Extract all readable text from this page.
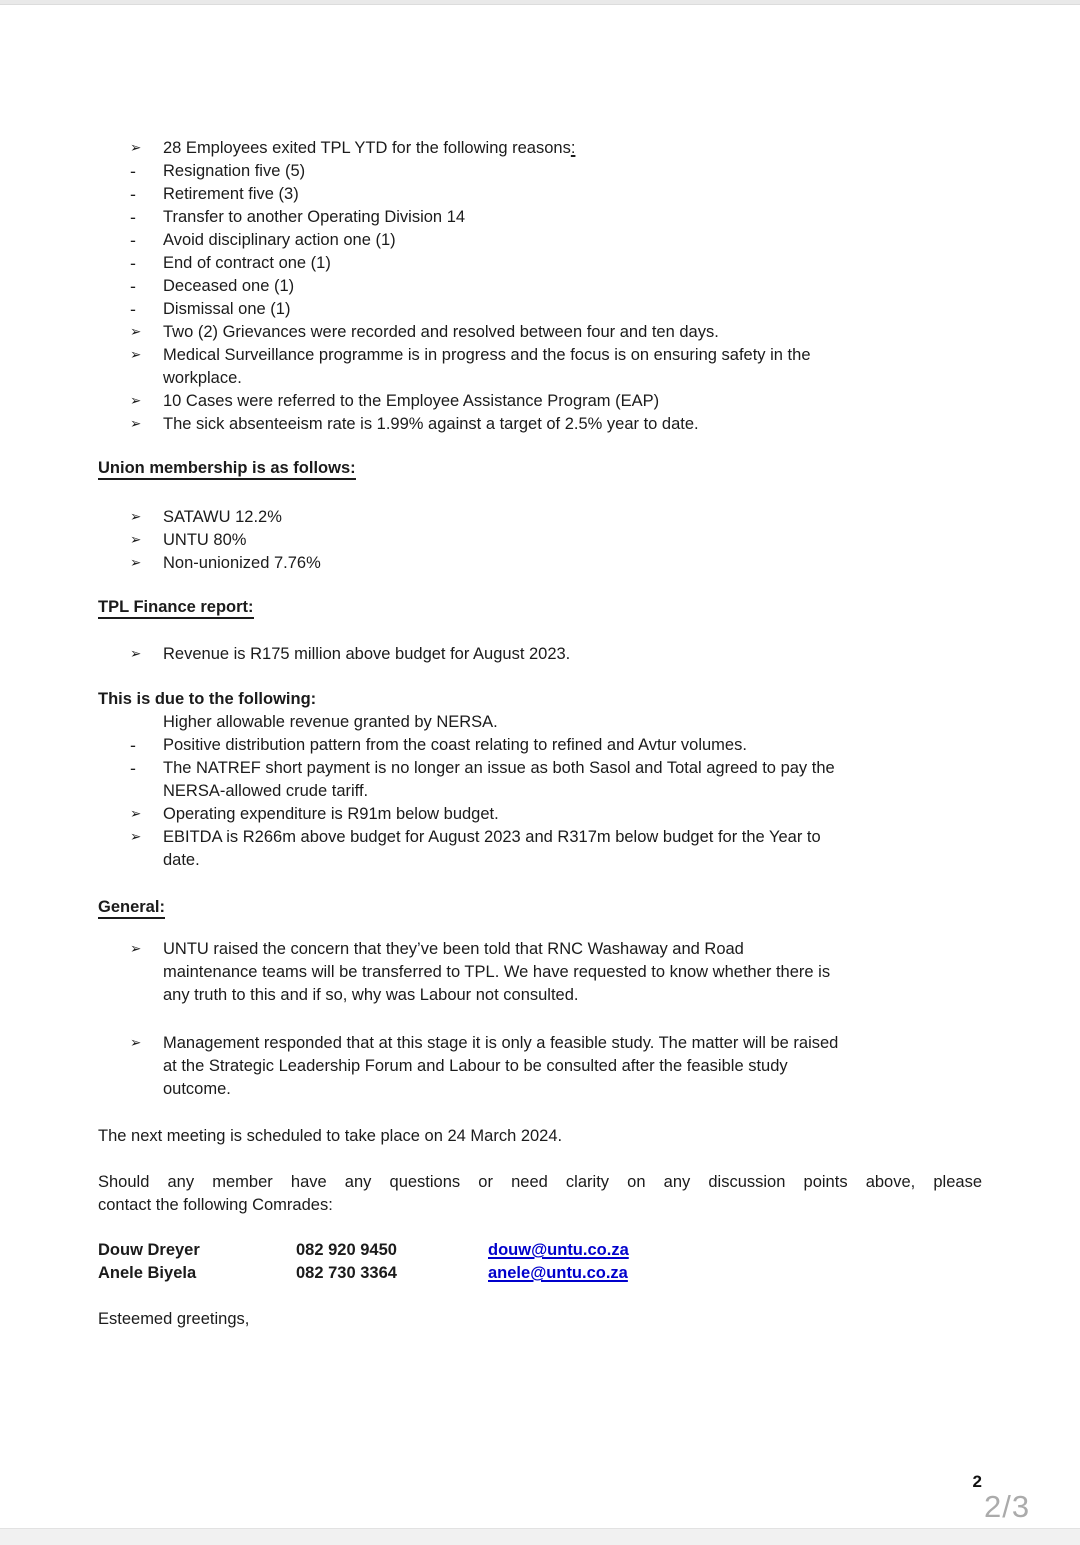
➢	28 Employees exited TPL YTD for the following reasons:
-	Resignation five (5)
-	Retirement five (3)
-	Transfer to another Operating Division 14
-	Avoid disciplinary action one (1)
-	End of contract one (1)
-	Deceased one (1)
-	Dismissal one (1)
➢	Two (2) Grievances were recorded and resolved between four and ten days.
➢	Medical Surveillance programme is in progress and the focus is on ensuring safety in the
workplace.
➢	10 Cases were referred to the Employee Assistance Program (EAP)
➢	The sick absenteeism rate is 1.99% against a target of 2.5% year to date.
Union membership is as follows:
➢	SATAWU 12.2%
➢	UNTU 80%
➢	Non-unionized 7.76%
TPL Finance report:
➢	Revenue is R175 million above budget for August 2023.
This is due to the following:
Higher allowable revenue granted by NERSA.
-	Positive distribution pattern from the coast relating to refined and Avtur volumes.
-	The NATREF short payment is no longer an issue as both Sasol and Total agreed to pay the
NERSA-allowed crude tariff.
➢	Operating expenditure is R91m below budget.
➢	EBITDA is R266m above budget for August 2023 and R317m below budget for the Year to
date.
General:
➢	UNTU raised the concern that they’ve been told that RNC Washaway and Road
maintenance teams will be transferred to TPL. We have requested to know whether there is
any truth to this and if so, why was Labour not consulted.
➢	Management responded that at this stage it is only a feasible study. The matter will be raised
at the Strategic Leadership Forum and Labour to be consulted after the feasible study
outcome.
The next meeting is scheduled to take place on 24 March 2024.
Should any member have any questions or need clarity on any discussion points above, please
contact the following Comrades:
Douw Dreyer	082 920 9450	douw@untu.co.za
Anele Biyela	082 730 3364	anele@untu.co.za
Esteemed greetings,
2
2/3
